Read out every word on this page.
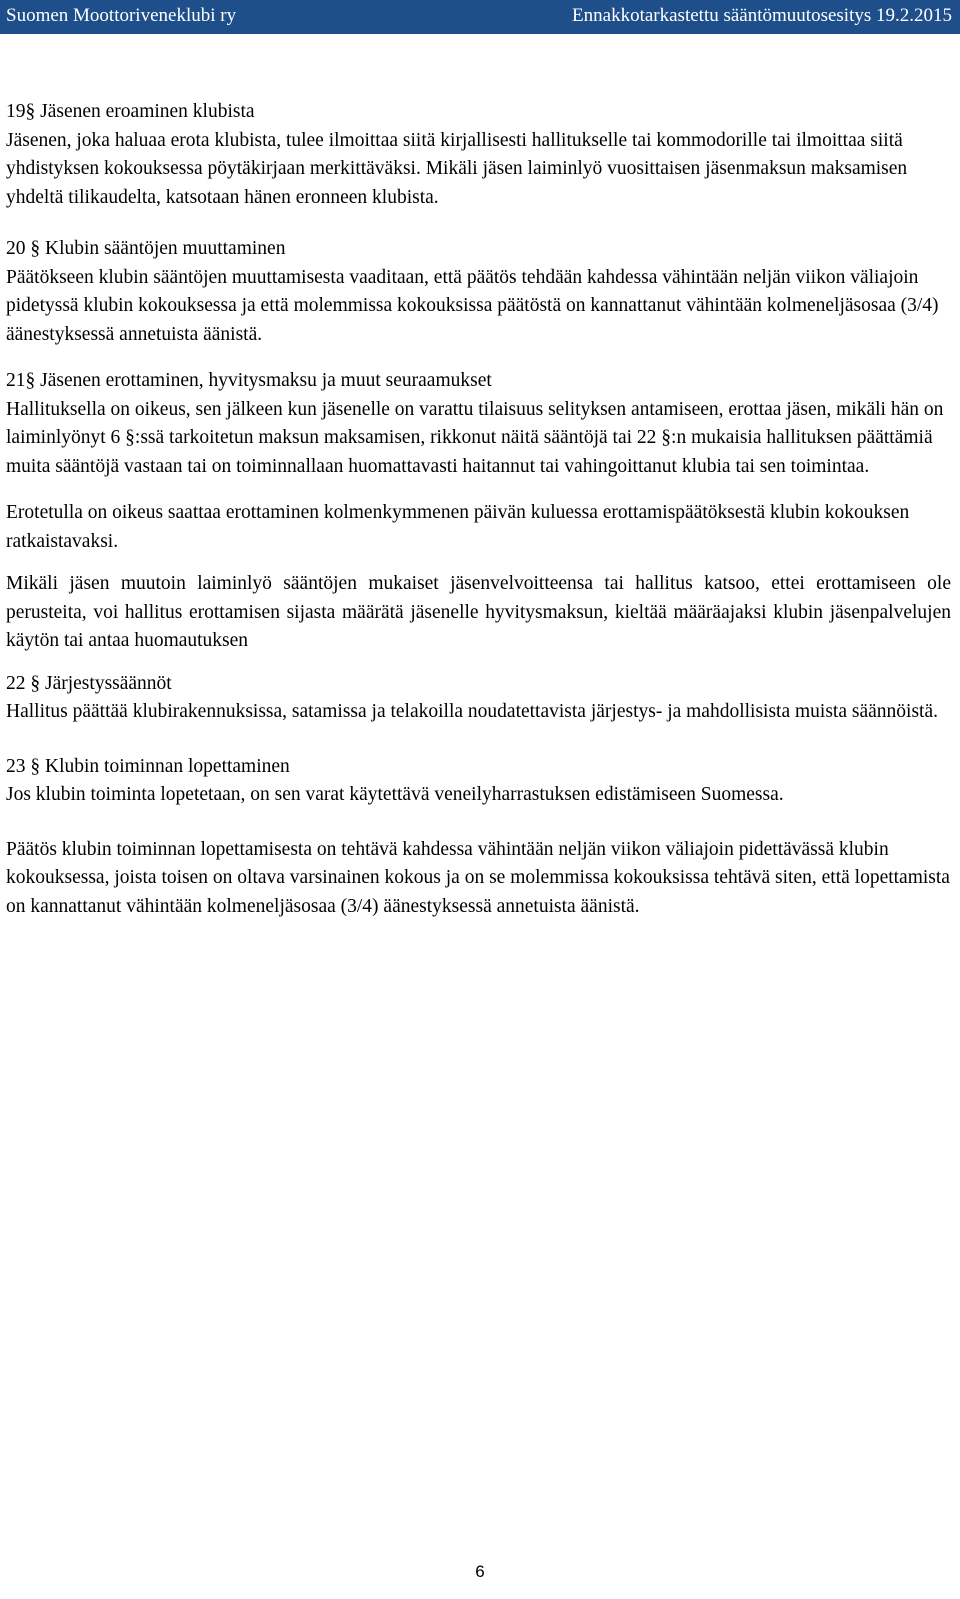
Suomen Moottoriveneklubi ry	Ennakkotarkastettu sääntömuutosesitys 19.2.2015
19§ Jäsenen eroaminen klubista

Jäsenen, joka haluaa erota klubista, tulee ilmoittaa siitä kirjallisesti hallitukselle tai kommodorille tai ilmoittaa siitä yhdistyksen kokouksessa pöytäkirjaan merkittäväksi. Mikäli jäsen laiminlyö vuosittaisen jäsenmaksun maksamisen yhdeltä tilikaudelta, katsotaan hänen eronneen klubista.

20 § Klubin sääntöjen muuttaminen

Päätökseen klubin sääntöjen muuttamisesta vaaditaan, että päätös tehdään kahdessa vähintään neljän viikon väliajoin pidetyssä klubin kokouksessa ja että molemmissa kokouksissa päätöstä on kannattanut vähintään kolmeneljäsosaa (3/4) äänestyksessä annetuista äänistä.

21§ Jäsenen erottaminen, hyvitysmaksu ja muut seuraamukset

Hallituksella on oikeus, sen jälkeen kun jäsenelle on varattu tilaisuus selityksen antamiseen, erottaa jäsen, mikäli hän on laiminlyönyt 6 §:ssä tarkoitetun maksun maksamisen, rikkonut näitä sääntöjä tai 22 §:n mukaisia hallituksen päättämiä muita sääntöjä vastaan tai on toiminnallaan huomattavasti haitannut tai vahingoittanut klubia tai sen toimintaa.

Erotetulla on oikeus saattaa erottaminen kolmenkymmenen päivän kuluessa erottamispäätöksestä klubin kokouksen ratkaistavaksi.

Mikäli jäsen muutoin laiminlyö sääntöjen mukaiset jäsenvelvoitteensa tai hallitus katsoo, ettei erottamiseen ole perusteita, voi hallitus erottamisen sijasta määrätä jäsenelle hyvitysmaksun, kieltää määräajaksi klubin jäsenpalvelujen käytön tai antaa huomautuksen

22 § Järjestyssäännöt

Hallitus päättää klubirakennuksissa, satamissa ja telakoilla noudatettavista järjestys- ja mahdollisista muista säännöistä.

23 § Klubin toiminnan lopettaminen

Jos klubin toiminta lopetetaan, on sen varat käytettävä veneilyharrastuksen edistämiseen Suomessa.

Päätös klubin toiminnan lopettamisesta on tehtävä kahdessa vähintään neljän viikon väliajoin pidettävässä klubin kokouksessa, joista toisen on oltava varsinainen kokous ja on se molemmissa kokouksissa tehtävä siten, että lopettamista on kannattanut vähintään kolmeneljäsosaa (3/4) äänestyksessä annetuista äänistä.

6
